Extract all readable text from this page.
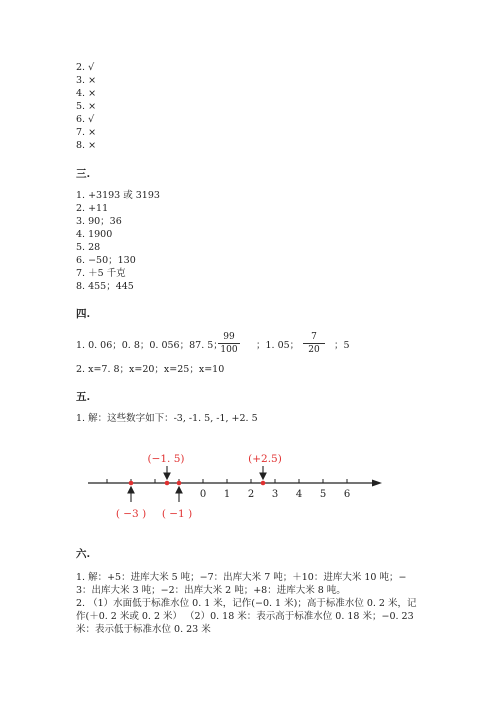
2. √
3. ×
4. ×
5. ×
6. √
7. ×
8. ×
三.
1. +3193 或 3193
2. +11
3. 90；36
4. 1900
5. 28
6. −50；130
7. ＋5 千克
8. 455；445
四.
1. 0. 06；0. 8；0. 056；87. 5；
$\frac{99}{100}$ ；1. 05； $\frac{7}{20}$ ；5
2. x=7. 8；x=20；x=25；x=10
五.
1. 解：这些数字如下：-3, -1. 5, -1, +2. 5
0 1 2 3 4 5 6
(−1. 5)	(+2.5)
( −3 ) ( −1 )
六.
1. 解：+5：进库大米 5 吨；−7：出库大米 7 吨；＋10：进库大米 10 吨；−
3：出库大米 3 吨；−2：出库大米 2 吨；+8：进库大米 8 吨。
2. （1）水面低于标准水位 0. 1 米，记作(−0. 1 米)；高于标准水位 0. 2 米，记
作(＋0. 2 米或 0. 2 米） （2）0. 18 米：表示高于标准水位 0. 18 米；−0. 23
米：表示低于标准水位 0. 23 米
